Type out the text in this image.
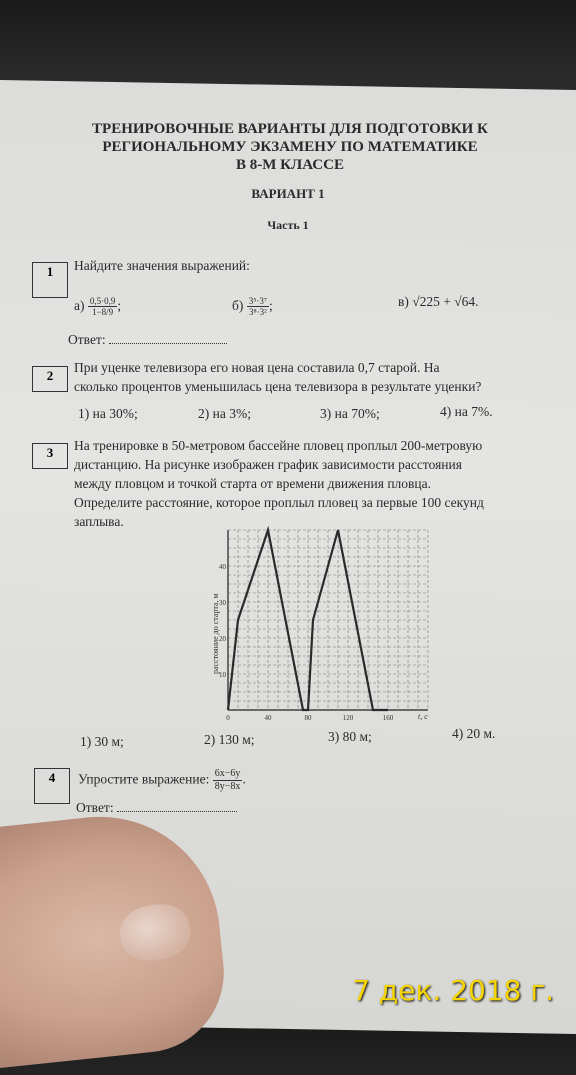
ТРЕНИРОВОЧНЫЕ ВАРИАНТЫ ДЛЯ ПОДГОТОВКИ К
РЕГИОНАЛЬНОМУ ЭКЗАМЕНУ ПО МАТЕМАТИКЕ
В 8-М КЛАССЕ
ВАРИАНТ 1
Часть 1
1	Найдите значения выражений:
$а) \frac{0,5\cdot 0,9}{1-8/9}$ ;	$б) \frac{\text{3⁵·3⁷}}{\text{3⁸·3²}}$ ;	в) √225 + √64.
Ответ:
2
При уценке телевизора его новая цена составила 0,7 старой. На
сколько процентов уменьшилась цена телевизора в результате уценки?
1) на 30%;	2) на 3%;	3) на 70%;	4) на 7%.
3	На тренировке в 50-метровом бассейне пловец проплыл 200-метровую
дистанцию. На рисунке изображен график зависимости расстояния
между пловцом и точкой старта от времени движения пловца.
Определите расстояние, которое проплыл пловец за первые 100 секунд
заплыва.
0	40	80	120	160
10
20
30
40
расстояние до старта, м
t, с
1) 30 м;	2) 130 м;	3) 80 м;	4) 20 м.
4	Упростите выражение: $\frac{6x-6y}{8y-8x}$ .
Ответ:
7 дек. 2018 г.
